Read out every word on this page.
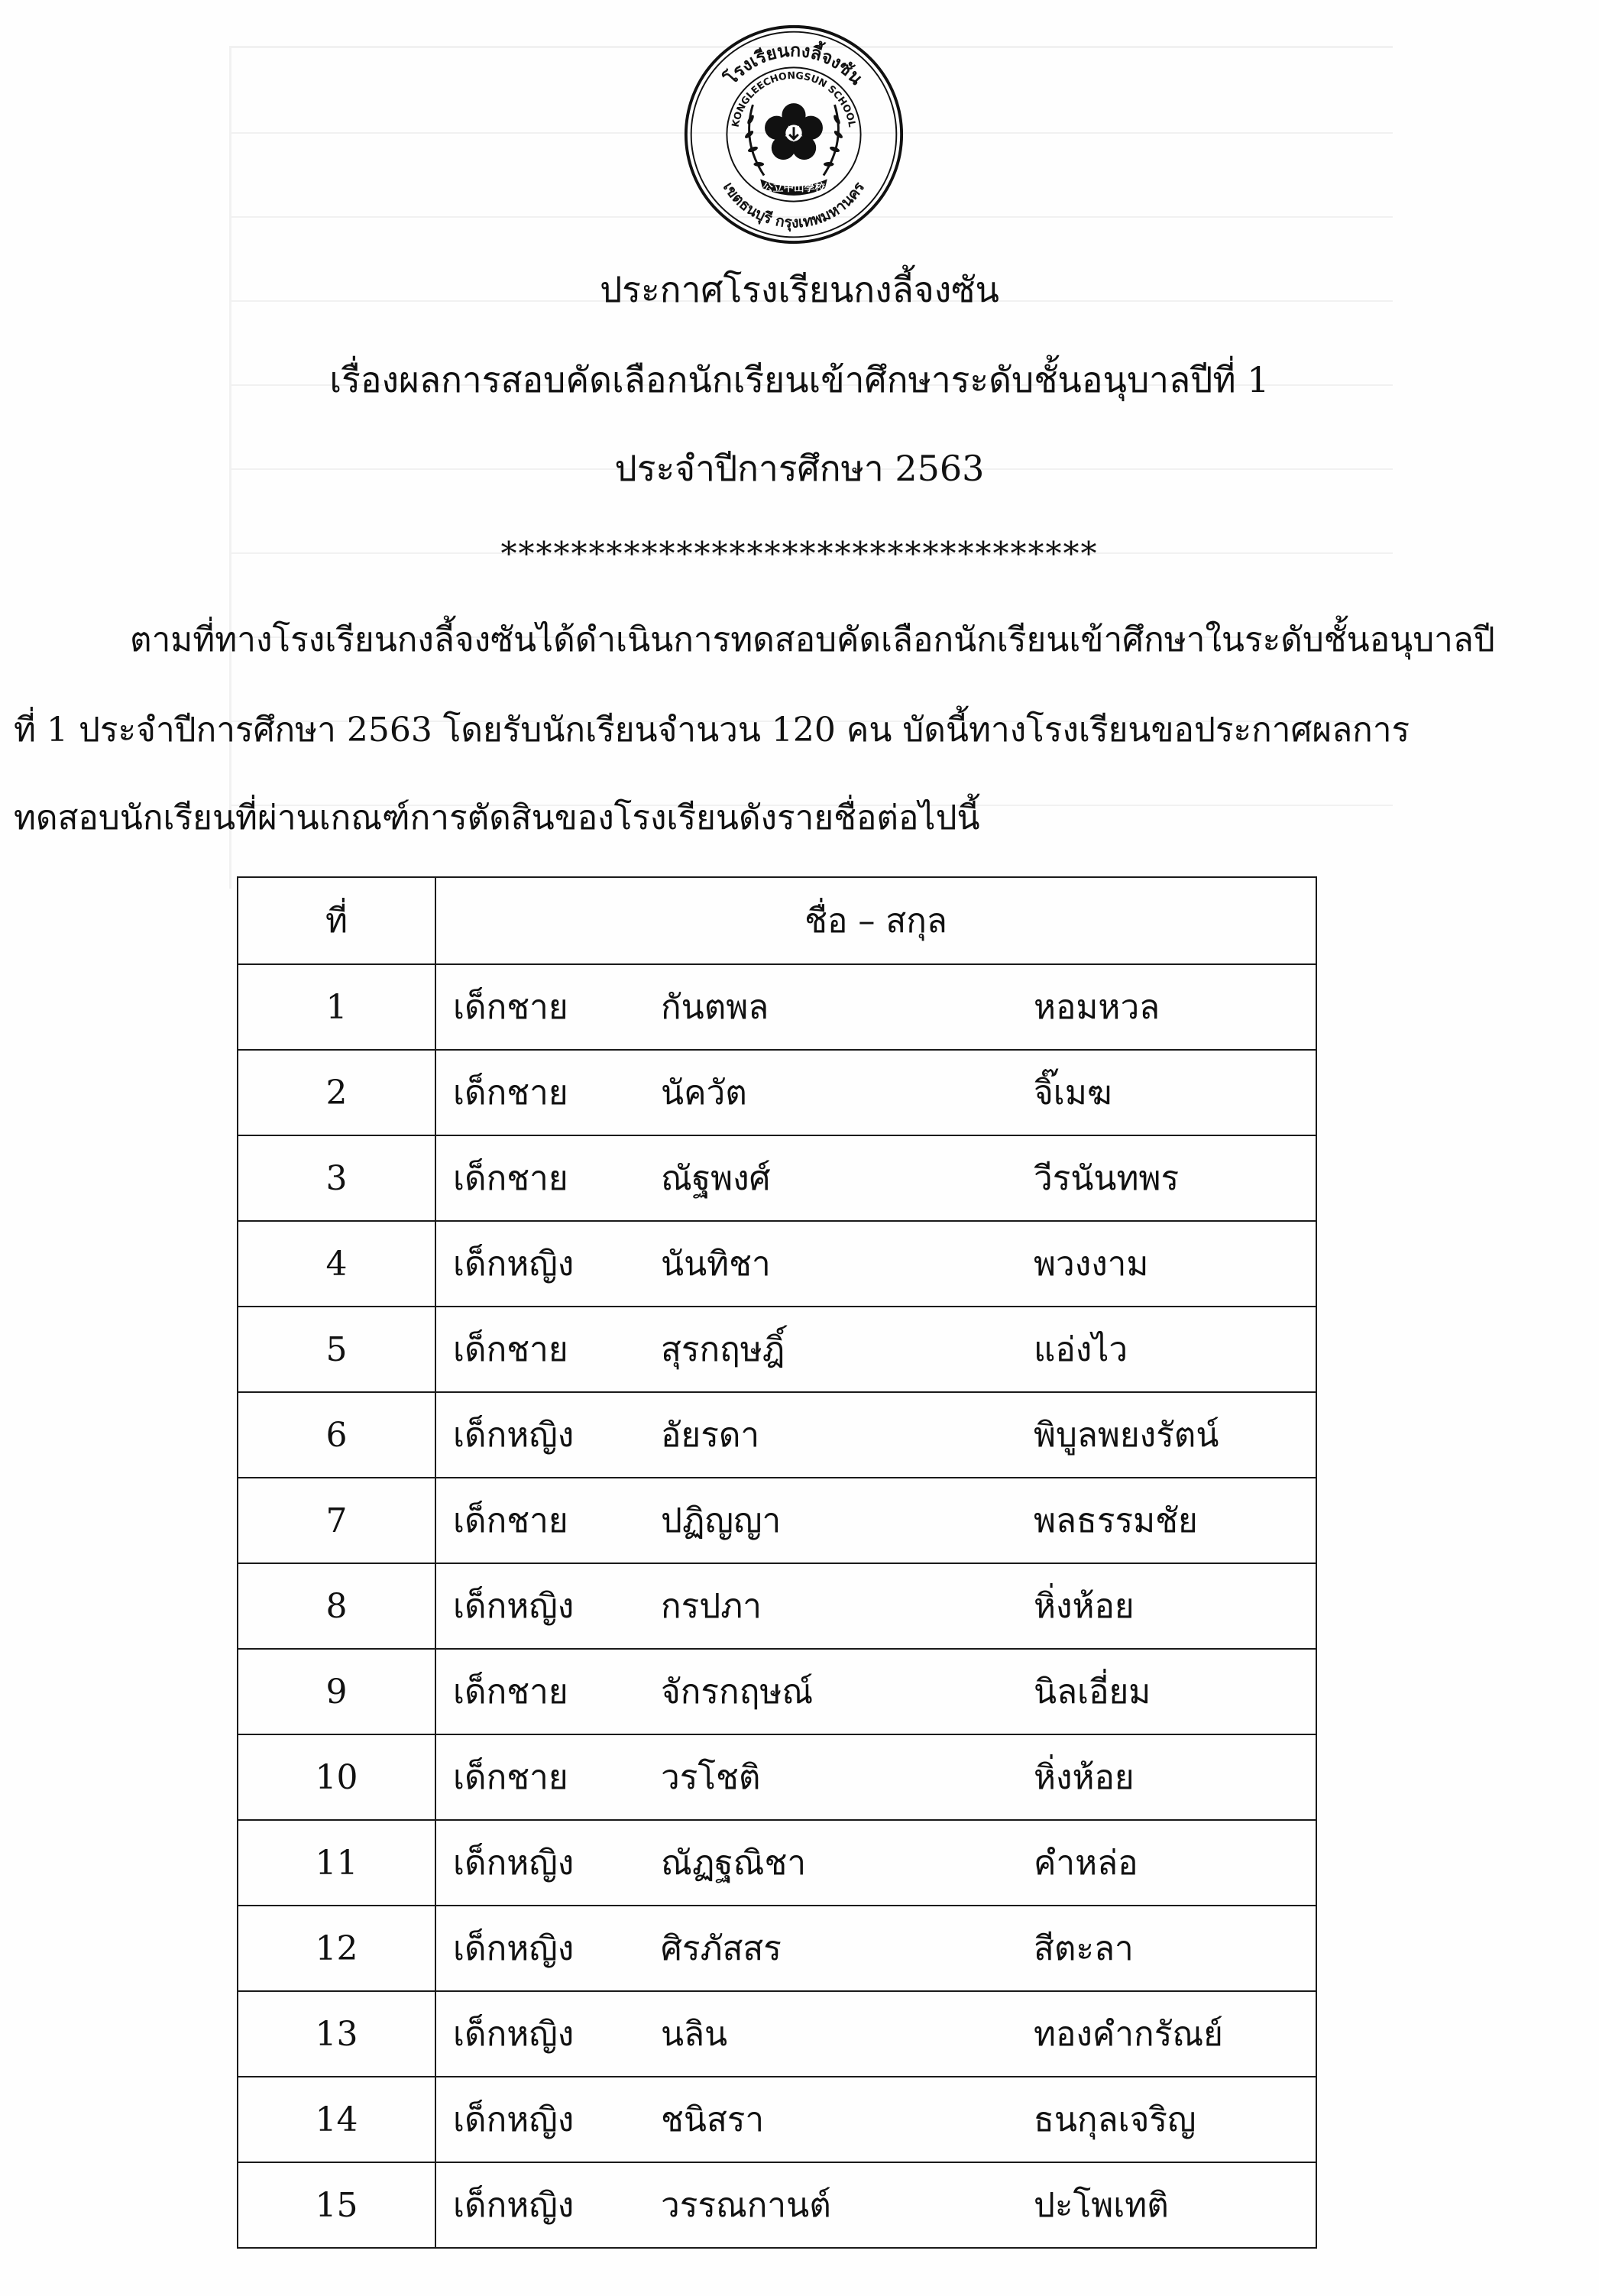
โรงเรียนกงลี้จงซัน
KONGLEECHONGSUN SCHOOL
เขตธนบุรี กรุงเทพมหานคร
公立中山學校
ประกาศโรงเรียนกงลี้จงซัน
เรื่องผลการสอบคัดเลือกนักเรียนเข้าศึกษาระดับชั้นอนุบาลปีที่ 1
ประจำปีการศึกษา 2563
**********************************
ตามที่ทางโรงเรียนกงลี้จงซันได้ดำเนินการทดสอบคัดเลือกนักเรียนเข้าศึกษาในระดับชั้นอนุบาลปี
ที่ 1 ประจำปีการศึกษา 2563 โดยรับนักเรียนจำนวน 120 คน บัดนี้ทางโรงเรียนขอประกาศผลการ
ทดสอบนักเรียนที่ผ่านเกณฑ์การตัดสินของโรงเรียนดังรายชื่อต่อไปนี้
ที่	ชื่อ – สกุล
1	เด็กชาย กันตพล หอมหวล
2	เด็กชาย นัควัต จิ๊เมฆ
3	เด็กชาย ณัฐพงศ์ วีรนันทพร
4	เด็กหญิง นันทิชา พวงงาม
5	เด็กชาย สุรกฤษฎิ์ แอ่งไว
6	เด็กหญิง อัยรดา พิบูลพยงรัตน์
7	เด็กชาย ปฏิญญา พลธรรมชัย
8	เด็กหญิง กรปภา หิ่งห้อย
9	เด็กชาย จักรกฤษณ์ นิลเอี่ยม
10	เด็กชาย วรโชติ หิ่งห้อย
11	เด็กหญิง ณัฏฐณิชา คำหล่อ
12	เด็กหญิง ศิรภัสสร สีตะลา
13	เด็กหญิง นลิน ทองคำกรัณย์
14	เด็กหญิง ชนิสรา ธนกุลเจริญ
15	เด็กหญิง วรรณกานต์ ปะโพเทติ
